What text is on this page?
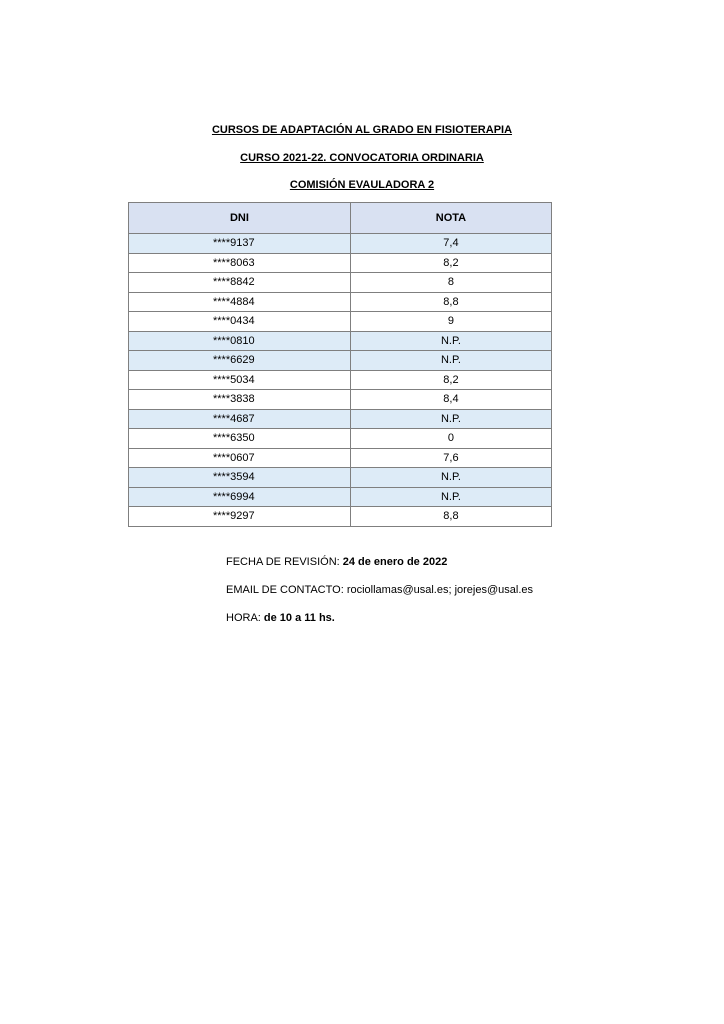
CURSOS DE ADAPTACIÓN AL GRADO EN FISIOTERAPIA
CURSO 2021-22. CONVOCATORIA ORDINARIA
COMISIÓN EVAULADORA 2
DNI	NOTA
****9137	7,4
****8063	8,2
****8842	8
****4884	8,8
****0434	9
****0810	N.P.
****6629	N.P.
****5034	8,2
****3838	8,4
****4687	N.P.
****6350	0
****0607	7,6
****3594	N.P.
****6994	N.P.
****9297	8,8
FECHA DE REVISIÓN: 24 de enero de 2022
EMAIL DE CONTACTO: rociollamas@usal.es; jorejes@usal.es
HORA: de 10 a 11 hs.
